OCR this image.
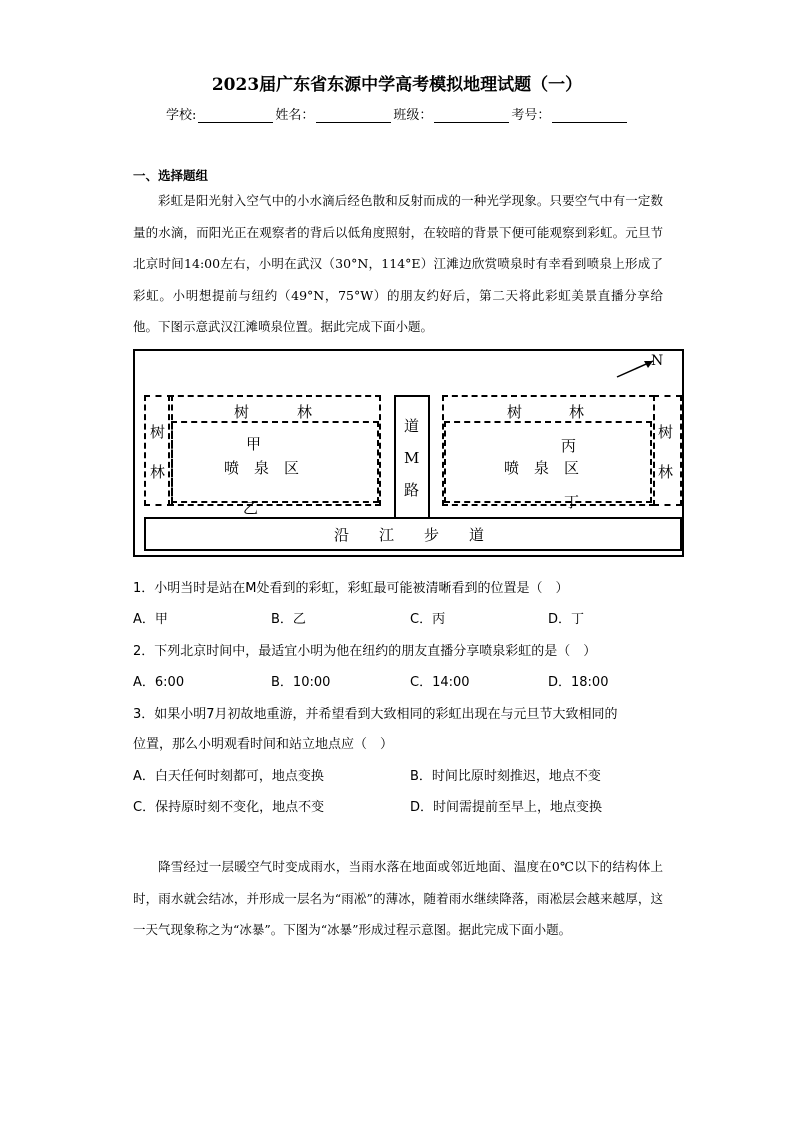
2023届广东省东源中学高考模拟地理试题（一）
学校:	姓名：	班级：	考号：
一、选择题组

彩虹是阳光射入空气中的小水滴后经色散和反射而成的一种光学现象。只要空气中有一定数量的水滴，而阳光正在观察者的背后以低角度照射，在较暗的背景下便可能观察到彩虹。元旦节北京时间14:00左右，小明在武汉（30°N，114°E）江滩边欣赏喷泉时有幸看到喷泉上形成了彩虹。小明想提前与纽约（49°N，75°W）的朋友约好后，第二天将此彩虹美景直播分享给他。下图示意武汉江滩喷泉位置。据此完成下面小题。

N
树	林
树
林
树	林
树
林
甲
喷　泉　区
乙
丙
喷　泉　区
丁
道
M
路
沿　　江　　步　　道
1．小明当时是站在M处看到的彩虹，彩虹最可能被清晰看到的位置是（　）
A．甲	B．乙	C．丙	D．丁
2．下列北京时间中，最适宜小明为他在纽约的朋友直播分享喷泉彩虹的是（　）
A．6:00	B．10:00	C．14:00	D．18:00
3．如果小明7月初故地重游，并希望看到大致相同的彩虹出现在与元旦节大致相同的
位置，那么小明观看时间和站立地点应（　）
A．白天任何时刻都可，地点变换	B．时间比原时刻推迟，地点不变
C．保持原时刻不变化，地点不变	D．时间需提前至早上，地点变换

降雪经过一层暖空气时变成雨水，当雨水落在地面或邻近地面、温度在0℃以下的结构体上时，雨水就会结冰，并形成一层名为“雨凇”的薄冰，随着雨水继续降落，雨凇层会越来越厚，这一天气现象称之为“冰暴”。下图为“冰暴”形成过程示意图。据此完成下面小题。
